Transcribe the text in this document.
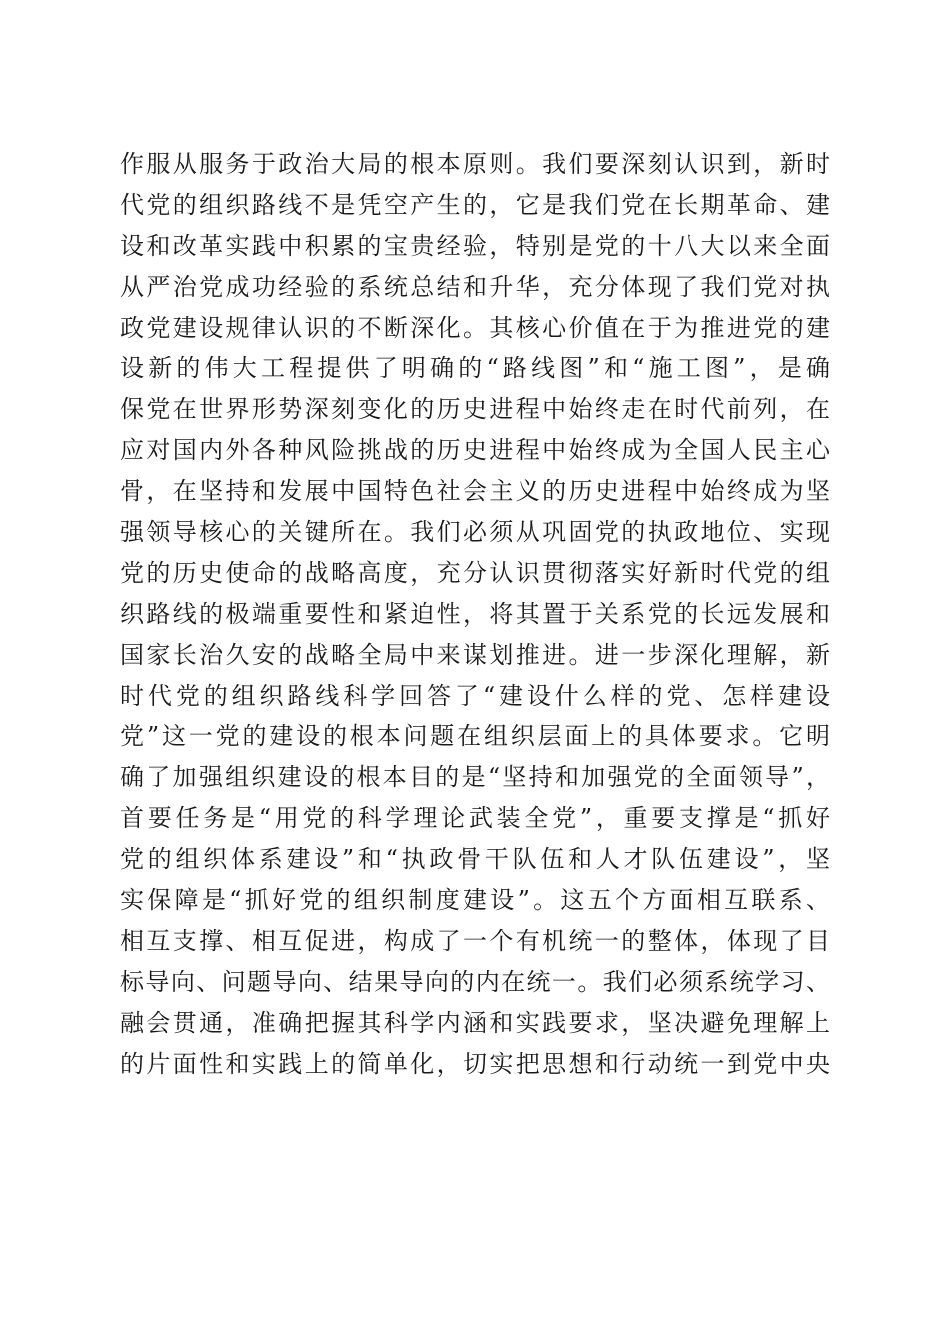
作服从服务于政治大局的根本原则。我们要深刻认识到，新时
代党的组织路线不是凭空产生的，它是我们党在长期革命、建
设和改革实践中积累的宝贵经验，特别是党的十八大以来全面
从严治党成功经验的系统总结和升华，充分体现了我们党对执
政党建设规律认识的不断深化。其核心价值在于为推进党的建
设新的伟大工程提供了明确的“路线图”和“施工图”，是确
保党在世界形势深刻变化的历史进程中始终走在时代前列，在
应对国内外各种风险挑战的历史进程中始终成为全国人民主心
骨，在坚持和发展中国特色社会主义的历史进程中始终成为坚
强领导核心的关键所在。我们必须从巩固党的执政地位、实现
党的历史使命的战略高度，充分认识贯彻落实好新时代党的组
织路线的极端重要性和紧迫性，将其置于关系党的长远发展和
国家长治久安的战略全局中来谋划推进。进一步深化理解，新
时代党的组织路线科学回答了“建设什么样的党、怎样建设
党”这一党的建设的根本问题在组织层面上的具体要求。它明
确了加强组织建设的根本目的是“坚持和加强党的全面领导”，
首要任务是“用党的科学理论武装全党”，重要支撑是“抓好
党的组织体系建设”和“执政骨干队伍和人才队伍建设”，坚
实保障是“抓好党的组织制度建设”。这五个方面相互联系、
相互支撑、相互促进，构成了一个有机统一的整体，体现了目
标导向、问题导向、结果导向的内在统一。我们必须系统学习、
融会贯通，准确把握其科学内涵和实践要求，坚决避免理解上
的片面性和实践上的简单化，切实把思想和行动统一到党中央
